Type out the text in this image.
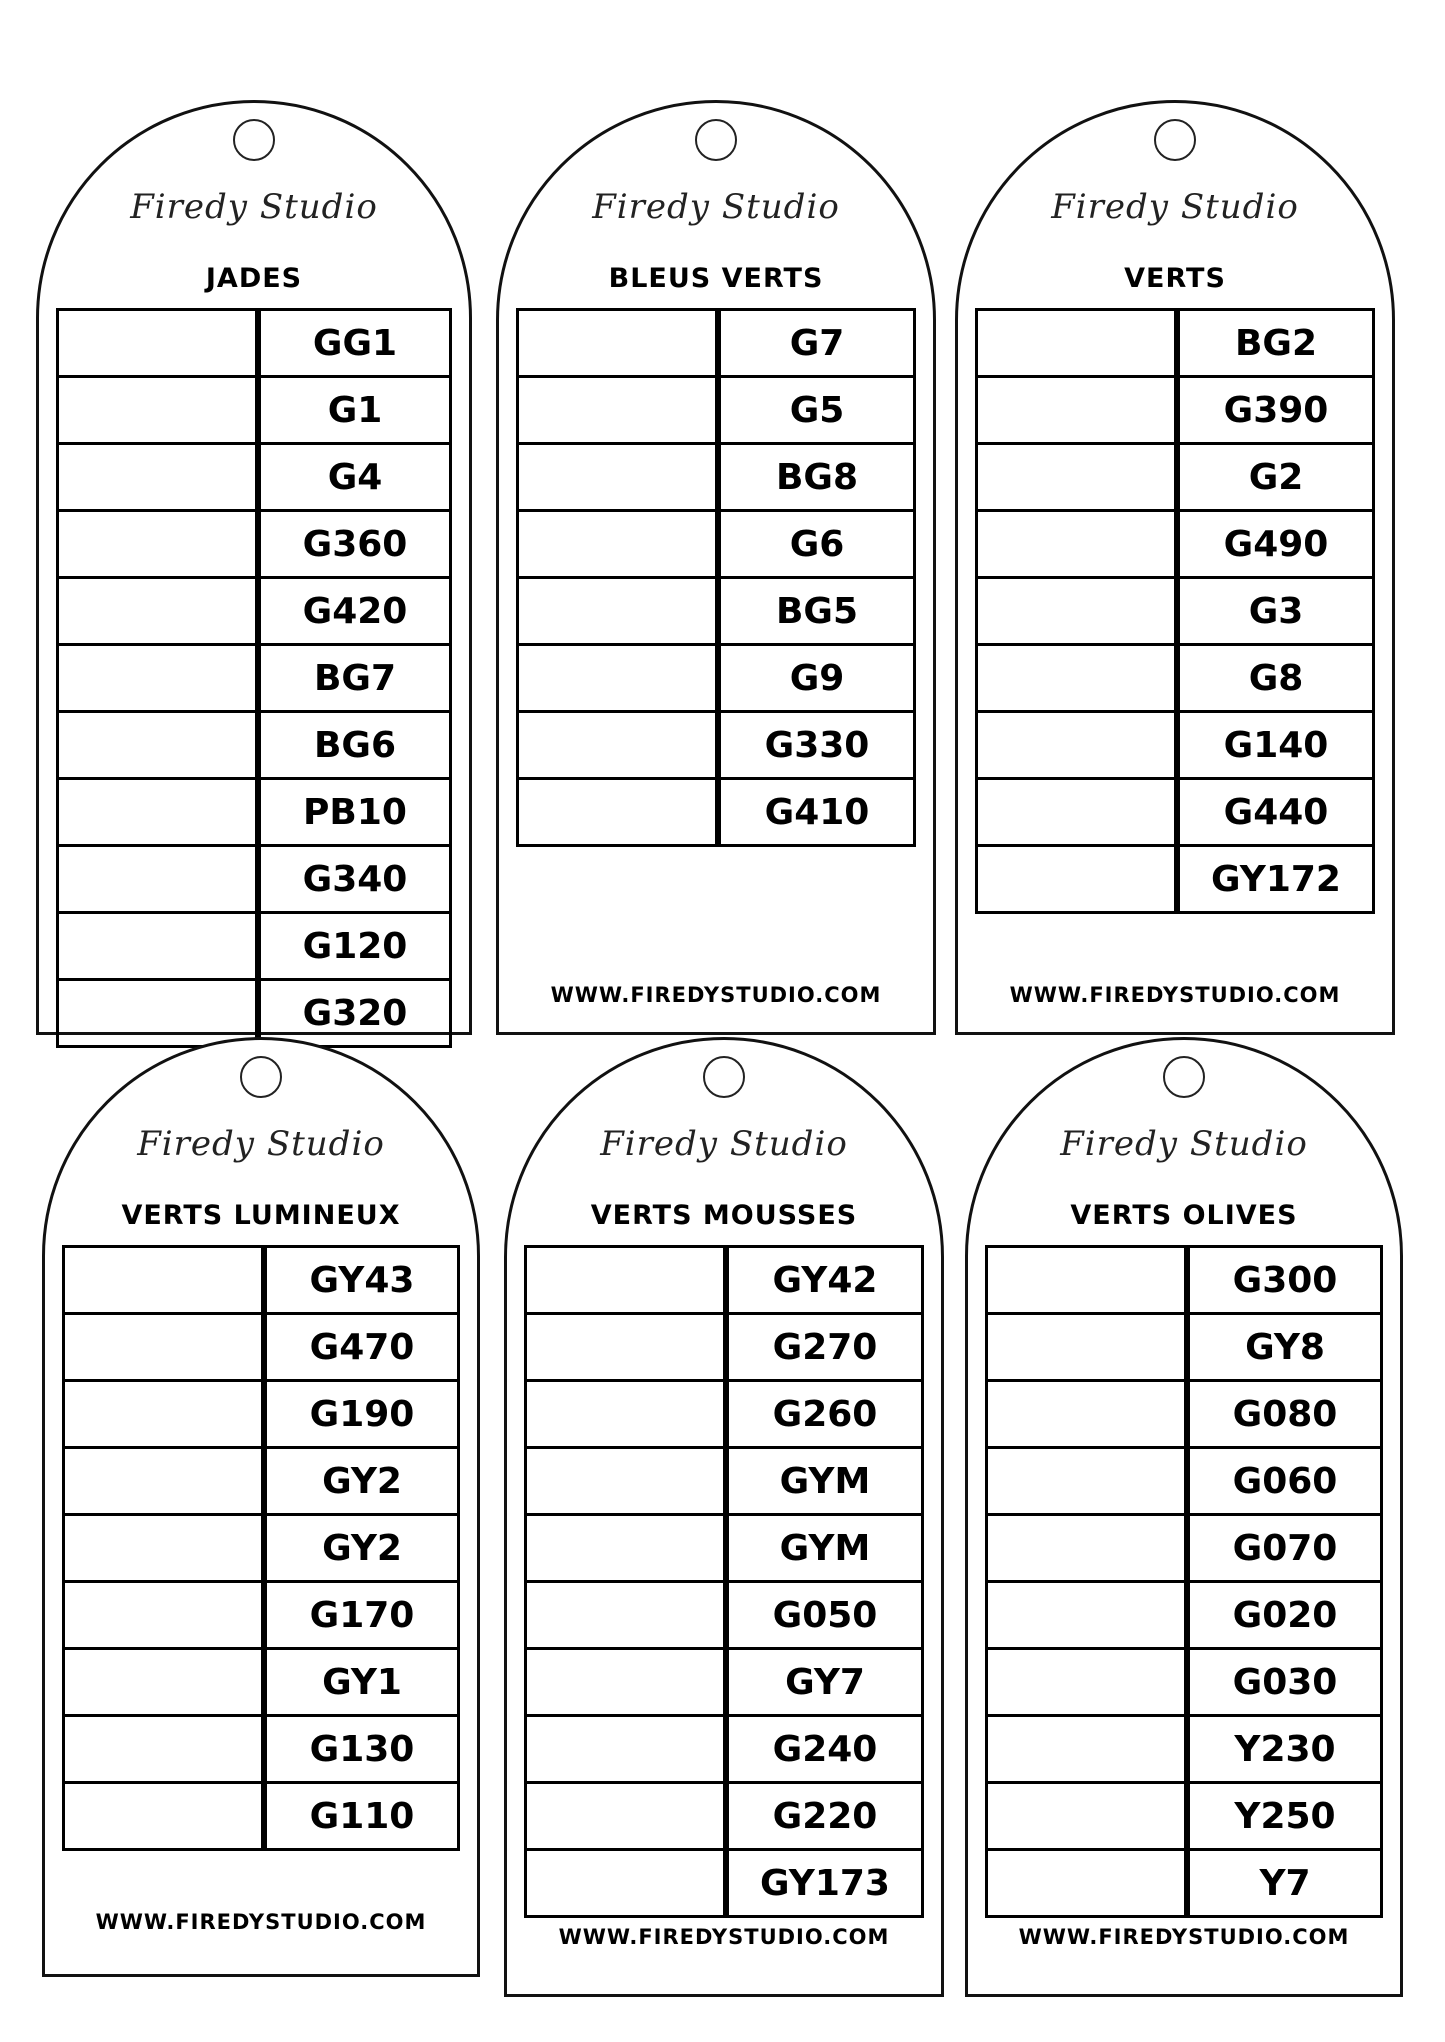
Firedy Studio
JADES
GG1
G1
G4
G360
G420
BG7
BG6
PB10
G340
G120
G320
Firedy Studio
BLEUS VERTS
G7
G5
BG8
G6
BG5
G9
G330
G410
WWW.FIREDYSTUDIO.COM
Firedy Studio
VERTS
BG2
G390
G2
G490
G3
G8
G140
G440
GY172
WWW.FIREDYSTUDIO.COM
Firedy Studio
VERTS LUMINEUX
GY43
G470
G190
GY2
GY2
G170
GY1
G130
G110
WWW.FIREDYSTUDIO.COM
Firedy Studio
VERTS MOUSSES
GY42
G270
G260
GYM
GYM
G050
GY7
G240
G220
GY173
WWW.FIREDYSTUDIO.COM
Firedy Studio
VERTS OLIVES
G300
GY8
G080
G060
G070
G020
G030
Y230
Y250
Y7
WWW.FIREDYSTUDIO.COM
